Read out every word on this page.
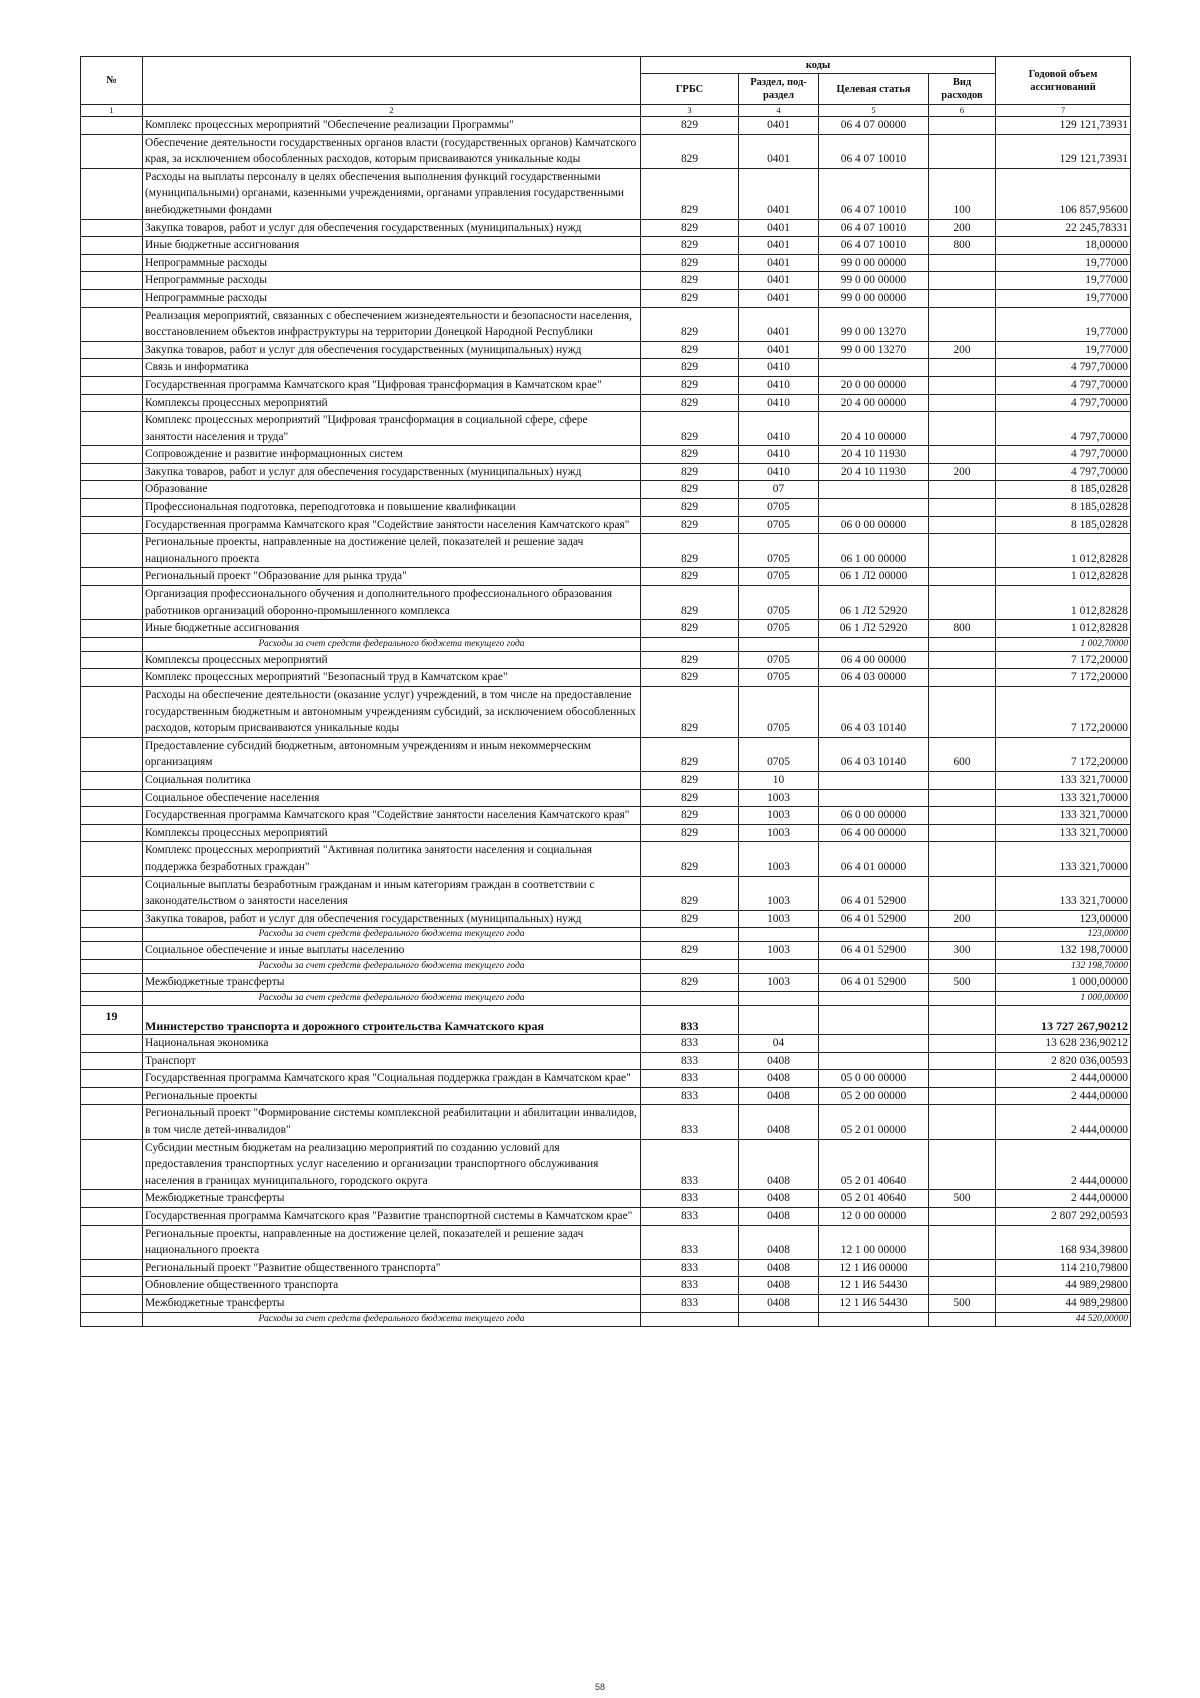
№		коды				Годовой объем ассигнований
		ГРБС	Раздел, под-раздел	Целевая статья	Вид расходов	
1	2	3	4	5	6	7
	Комплекс процессных мероприятий "Обеспечение реализации Программы"	829	0401	06 4 07 00000		129 121,73931
	Обеспечение деятельности государственных органов власти (государственных органов) Камчатского края, за исключением обособленных расходов, которым присваиваются уникальные коды	829	0401	06 4 07 10010		129 121,73931
	Расходы на выплаты персоналу в целях обеспечения выполнения функций государственными (муниципальными) органами, казенными учреждениями, органами управления государственными внебюджетными фондами	829	0401	06 4 07 10010	100	106 857,95600
	Закупка товаров, работ и услуг для обеспечения государственных (муниципальных) нужд	829	0401	06 4 07 10010	200	22 245,78331
	Иные бюджетные ассигнования	829	0401	06 4 07 10010	800	18,00000
	Непрограммные расходы	829	0401	99 0 00 00000		19,77000
	Непрограммные расходы	829	0401	99 0 00 00000		19,77000
	Непрограммные расходы	829	0401	99 0 00 00000		19,77000
	Реализация мероприятий, связанных с обеспечением жизнедеятельности и безопасности населения, восстановлением объектов инфраструктуры на территории Донецкой Народной Республики	829	0401	99 0 00 13270		19,77000
	Закупка товаров, работ и услуг для обеспечения государственных (муниципальных) нужд	829	0401	99 0 00 13270	200	19,77000
	Связь и информатика	829	0410			4 797,70000
	Государственная программа Камчатского края "Цифровая трансформация в Камчатском крае"	829	0410	20 0 00 00000		4 797,70000
	Комплексы процессных мероприятий	829	0410	20 4 00 00000		4 797,70000
	Комплекс процессных мероприятий "Цифровая трансформация в социальной сфере, сфере занятости населения и труда"	829	0410	20 4 10 00000		4 797,70000
	Сопровождение и развитие информационных систем	829	0410	20 4 10 11930		4 797,70000
	Закупка товаров, работ и услуг для обеспечения государственных (муниципальных) нужд	829	0410	20 4 10 11930	200	4 797,70000
	Образование	829	07			8 185,02828
	Профессиональная подготовка, переподготовка и повышение квалификации	829	0705			8 185,02828
	Государственная программа Камчатского края "Содействие занятости населения Камчатского края"	829	0705	06 0 00 00000		8 185,02828
	Региональные проекты, направленные на достижение целей, показателей и решение задач национального проекта	829	0705	06 1 00 00000		1 012,82828
	Региональный проект "Образование для рынка труда"	829	0705	06 1 Л2 00000		1 012,82828
	Организация профессионального обучения и дополнительного профессионального образования работников организаций оборонно-промышленного комплекса	829	0705	06 1 Л2 52920		1 012,82828
	Иные бюджетные ассигнования	829	0705	06 1 Л2 52920	800	1 012,82828
	Расходы за счет средств федерального бюджета текущего года					1 002,70000
	Комплексы процессных мероприятий	829	0705	06 4 00 00000		7 172,20000
	Комплекс процессных мероприятий "Безопасный труд в Камчатском крае"	829	0705	06 4 03 00000		7 172,20000
	Расходы на обеспечение деятельности (оказание услуг) учреждений, в том числе на предоставление государственным бюджетным и автономным учреждениям субсидий, за исключением обособленных расходов, которым присваиваются уникальные коды	829	0705	06 4 03 10140		7 172,20000
	Предоставление субсидий бюджетным, автономным учреждениям и иным некоммерческим организациям	829	0705	06 4 03 10140	600	7 172,20000
	Социальная политика	829	10			133 321,70000
	Социальное обеспечение населения	829	1003			133 321,70000
	Государственная программа Камчатского края "Содействие занятости населения Камчатского края"	829	1003	06 0 00 00000		133 321,70000
	Комплексы процессных мероприятий	829	1003	06 4 00 00000		133 321,70000
	Комплекс процессных мероприятий "Активная политика занятости населения и социальная поддержка безработных граждан"	829	1003	06 4 01 00000		133 321,70000
	Социальные выплаты безработным гражданам и иным категориям граждан в соответствии с законодательством о занятости населения	829	1003	06 4 01 52900		133 321,70000
	Закупка товаров, работ и услуг для обеспечения государственных (муниципальных) нужд	829	1003	06 4 01 52900	200	123,00000
	Расходы за счет средств федерального бюджета текущего года					123,00000
	Социальное обеспечение и иные выплаты населению	829	1003	06 4 01 52900	300	132 198,70000
	Расходы за счет средств федерального бюджета текущего года					132 198,70000
	Межбюджетные трансферты	829	1003	06 4 01 52900	500	1 000,00000
	Расходы за счет средств федерального бюджета текущего года					1 000,00000
19	Министерство транспорта и дорожного строительства Камчатского края	833				13 727 267,90212
	Национальная экономика	833	04			13 628 236,90212
	Транспорт	833	0408			2 820 036,00593
	Государственная программа Камчатского края "Социальная поддержка граждан в Камчатском крае"	833	0408	05 0 00 00000		2 444,00000
	Региональные проекты	833	0408	05 2 00 00000		2 444,00000
	Региональный проект "Формирование системы комплексной реабилитации и абилитации инвалидов, в том числе детей-инвалидов"	833	0408	05 2 01 00000		2 444,00000
	Субсидии местным бюджетам на реализацию мероприятий по созданию условий для предоставления транспортных услуг населению и организации транспортного обслуживания населения в границах муниципального, городского округа	833	0408	05 2 01 40640		2 444,00000
	Межбюджетные трансферты	833	0408	05 2 01 40640	500	2 444,00000
	Государственная программа Камчатского края "Развитие транспортной системы в Камчатском крае"	833	0408	12 0 00 00000		2 807 292,00593
	Региональные проекты, направленные на достижение целей, показателей и решение задач национального проекта	833	0408	12 1 00 00000		168 934,39800
	Региональный проект "Развитие общественного транспорта"	833	0408	12 1 И6 00000		114 210,79800
	Обновление общественного транспорта	833	0408	12 1 И6 54430		44 989,29800
	Межбюджетные трансферты	833	0408	12 1 И6 54430	500	44 989,29800
	Расходы за счет средств федерального бюджета текущего года					44 520,00000
58
